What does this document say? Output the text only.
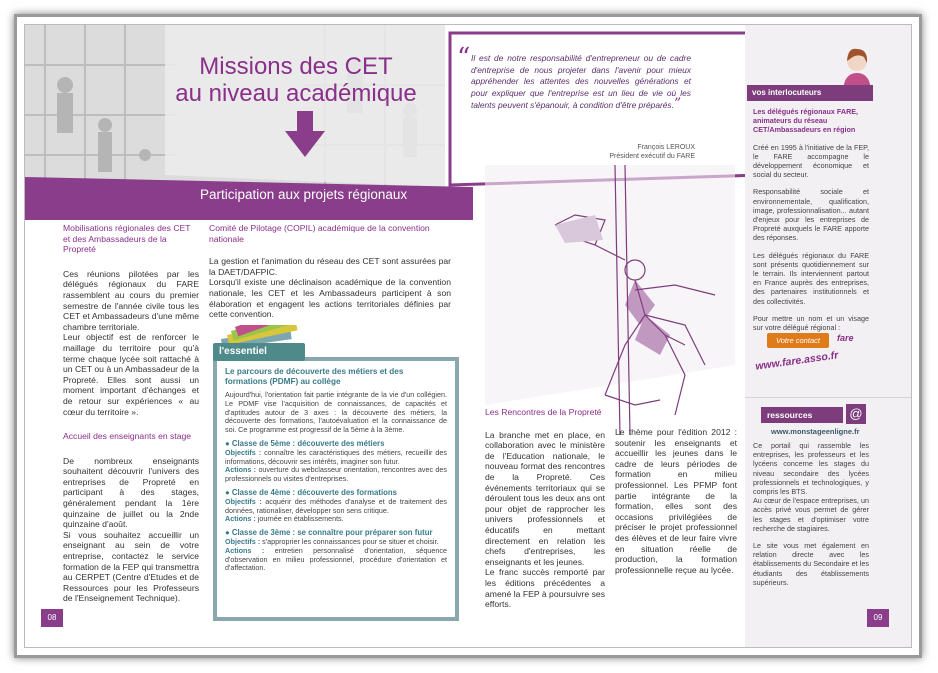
Missions des CET
au niveau académique
“ Il est de notre responsabilité d'entrepreneur ou de cadre d'entreprise de nous projeter dans l'avenir pour mieux appréhender les attentes des nouvelles générations et pour expliquer que l'entreprise est un lieu de vie où les talents peuvent s'épanouir, à condition d'être préparés.”
François LEROUX
Président exécutif du FARE
Participation aux projets régionaux
Mobilisations régionales des CET et des Ambassadeurs de la Propreté

Ces réunions pilotées par les délégués régionaux du FARE rassemblent au cours du premier semestre de l'année civile tous les CET et Ambassadeurs d'une même chambre territoriale.

Leur objectif est de renforcer le maillage du territoire pour qu'à terme chaque lycée soit rattaché à un CET ou à un Ambassadeur de la Propreté. Elles sont aussi un moment important d'échanges et de retour sur expériences « au cœur du territoire ».

Accueil des enseignants en stage

De nombreux enseignants souhaitent découvrir l'univers des entreprises de Propreté en participant à des stages, généralement pendant la 1ère quinzaine de juillet ou la 2nde quinzaine d'août.

Si vous souhaitez accueillir un enseignant au sein de votre entreprise, contactez le service formation de la FEP qui transmettra au CERPET (Centre d'Etudes et de Ressources pour les Professeurs de l'Enseignement Technique).

Comité de Pilotage (COPIL) académique de la convention nationale

La gestion et l'animation du réseau des CET sont assurées par la DAET/DAFPIC.

Lorsqu'il existe une déclinaison académique de la convention nationale, les CET et les Ambassadeurs participent à son élaboration et engagent les actions territoriales définies par cette convention.

l'essentiel
Le parcours de découverte des métiers et des formations (PDMF) au collège

Aujourd'hui, l'orientation fait partie intégrante de la vie d'un collégien. Le PDMF vise l'acquisition de connaissances, de capacités et d'aptitudes autour de 3 axes : la découverte des métiers, la découverte des formations, l'autoévaluation et la connaissance de soi. Ce programme est progressif de la 5ème à la 3ème.

● Classe de 5ème : découverte des métiers

Objectifs : connaître les caractéristiques des métiers, recueillir des informations, découvrir ses intérêts, imaginer son futur.

Actions : ouverture du webclasseur orientation, rencontres avec des professionnels ou visites d'entreprises.

● Classe de 4ème : découverte des formations

Objectifs : acquérir des méthodes d'analyse et de traitement des données, rationaliser, développer son sens critique.

Actions : journée en établissements.

● Classe de 3ème : se connaître pour préparer son futur

Objectifs : s'approprier les connaissances pour se situer et choisir.

Actions : entretien personnalisé d'orientation, séquence d'observation en milieu professionnel, procédure d'orientation et d'affectation.

Les Rencontres de la Propreté

La branche met en place, en collaboration avec le ministère de l'Education nationale, le nouveau format des rencontres de la Propreté. Ces événements territoriaux qui se déroulent tous les deux ans ont pour objet de rapprocher les univers professionnels et éducatifs en mettant directement en relation les chefs d'entreprises, les enseignants et les jeunes.

Le franc succès remporté par les éditions précédentes a amené la FEP à poursuivre ses efforts.

Le thème pour l'édition 2012 : soutenir les enseignants et accueillir les jeunes dans le cadre de leurs périodes de formation en milieu professionnel. Les PFMP font partie intégrante de la formation, elles sont des occasions privilégiées de préciser le projet professionnel des élèves et de leur faire vivre en situation réelle de production, la formation professionnelle reçue au lycée.

vos interlocuteurs
Les délégués régionaux FARE, animateurs du réseau CET/Ambassadeurs en région

Créé en 1995 à l'initiative de la FEP, le FARE accompagne le développement économique et social du secteur.

Responsabilité sociale et environnementale, qualification, image, professionnalisation... autant d'enjeux pour les entreprises de Propreté auxquels le FARE apporte des réponses.

Les délégués régionaux du FARE sont présents quotidiennement sur le terrain. Ils interviennent partout en France auprès des entreprises, des partenaires institutionnels et des collectivités.

Pour mettre un nom et un visage sur votre délégué régional :

Votre contact	fare
www.fare.asso.fr
ressources	@
www.monstageenligne.fr

Ce portail qui rassemble les entreprises, les professeurs et les lycéens concerne les stages du niveau secondaire des lycées professionnels et technologiques, y compris les BTS.

Au cœur de l'espace entreprises, un accès privé vous permet de gérer les stages et d'optimiser votre recherche de stagiaires.

Le site vous met également en relation directe avec les établissements du Secondaire et les étudiants des établissements supérieurs.

08	09
